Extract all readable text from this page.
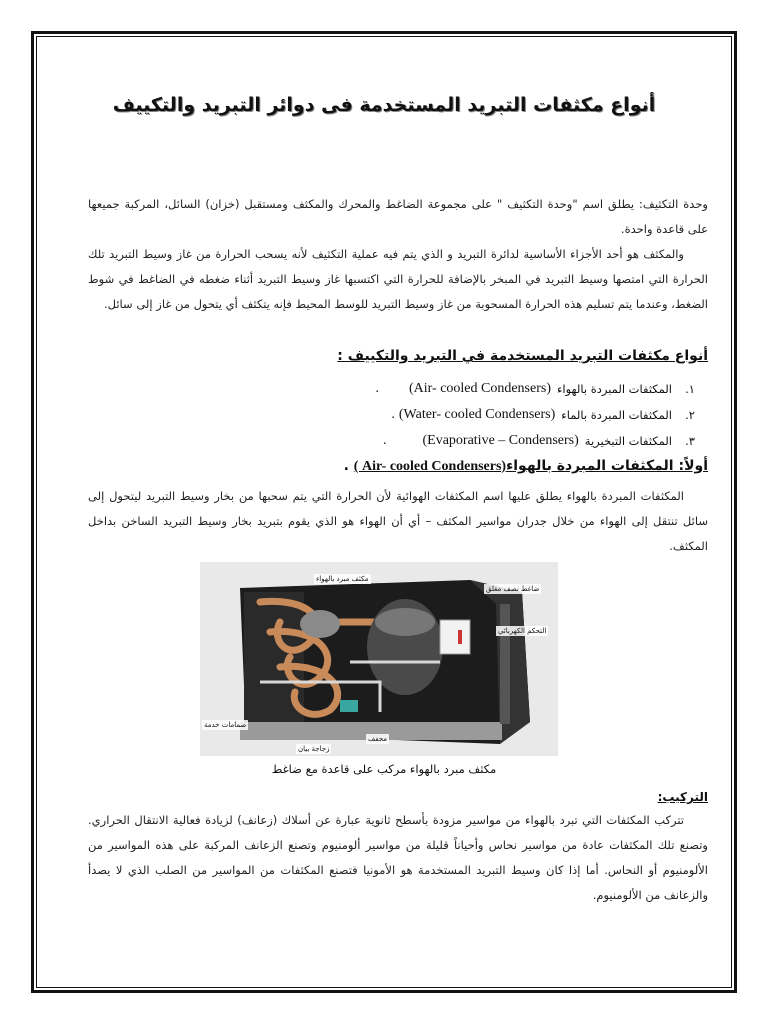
أنواع مكثفات التبريد المستخدمة فى دوائر التبريد والتكييف
وحدة التكثيف: يطلق اسم "وحدة التكثيف " على مجموعة الضاغط والمحرك والمكثف ومستقبل (خزان) السائل، المركبة جميعها على قاعدة واحدة.
والمكثف هو أحد الأجزاء الأساسية لدائرة التبريد و الذي يتم فيه عملية التكثيف لأنه يسحب الحرارة من غاز وسيط التبريد تلك الحرارة التي امتصها وسيط التبريد في المبخر بالإضافة للحرارة التي اكتسبها غاز وسيط التبريد أثناء ضغطه في الضاغط في شوط الضغط، وعندما يتم تسليم هذه الحرارة المسحوبة من غاز وسيط التبريد للوسط المحيط فإنه يتكثف أي يتحول من غاز إلى سائل.
أنواع مكثفات التبريد المستخدمة في التبريد والتكييف :
١.
المكثفات المبردة بالهواء
(Air- cooled Condensers)
.
٢.
المكثفات المبردة بالماء
(Water- cooled Condensers)
.
٣.
المكثفات التبخيرية
(Evaporative – Condensers)
.
أولاً: المكثفات المبردة بالهواء( Air- cooled Condensers) .
المكثفات المبردة بالهواء يطلق عليها اسم المكثفات الهوائية لأن الحرارة التي يتم سحبها من بخار وسيط التبريد ليتحول إلى سائل تنتقل إلى الهواء من خلال جدران مواسير المكثف – أي أن الهواء هو الذي يقوم بتبريد بخار وسيط التبريد الساخن بداخل المكثف.
مكثف مبرد بالهواء
ضاغط نصف مغلق
التحكم الكهربائي
صمامات خدمة
زجاجة بيان
مجفف
مكثف مبرد بالهواء مركب على قاعدة مع ضاغط
التركيب:
تتركب المكثفات التي تبرد بالهواء من مواسير مزودة بأسطح ثانوية عبارة عن أسلاك (زعانف) لزيادة فعالية الانتقال الحراري. وتصنع تلك المكثفات عادة من مواسير نحاس وأحياناً قليلة من مواسير ألومنيوم وتصنع الزعانف المركبة على هذه المواسير من الألومنيوم أو النحاس. أما إذا كان وسيط التبريد المستخدمة هو الأمونيا فتصنع المكثفات من المواسير من الصلب الذي لا يصدأ والزعانف من الألومنيوم.
